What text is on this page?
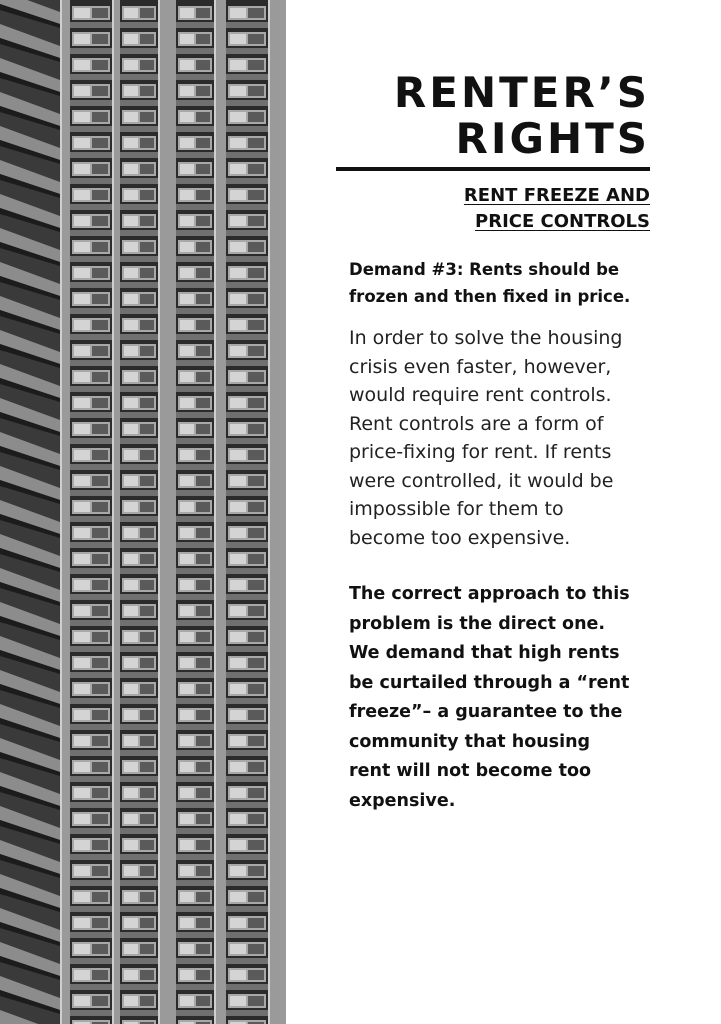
RENTER’S
RIGHTS
RENT FREEZE AND
PRICE CONTROLS

Demand #3: Rents should be
frozen and then fixed in price.

In order to solve the housing
crisis even faster, however,
would require rent controls.
Rent controls are a form of
price-fixing for rent. If rents
were controlled, it would be
impossible for them to
become too expensive.

The correct approach to this
problem is the direct one.
We demand that high rents
be curtailed through a “rent
freeze”– a guarantee to the
community that housing
rent will not become too
expensive.
